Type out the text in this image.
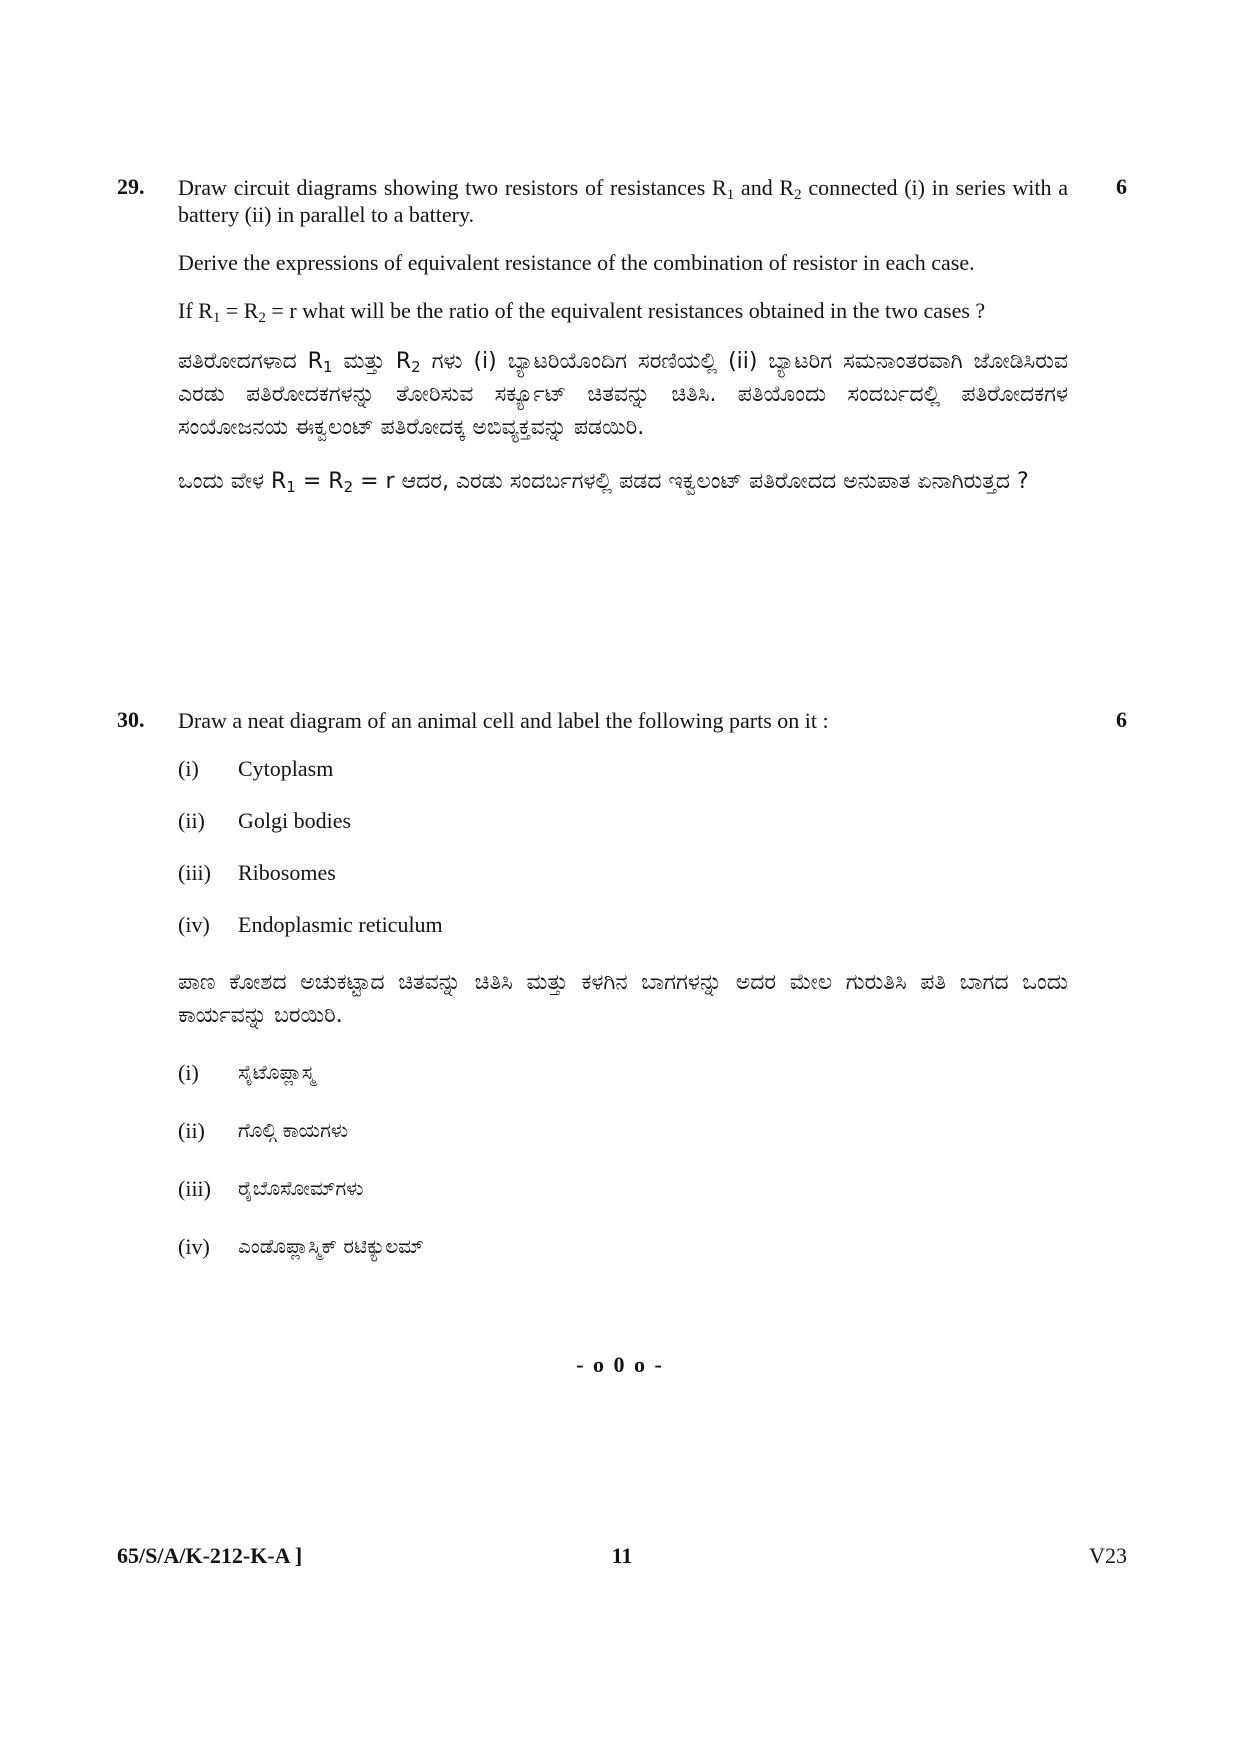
29.	6

Draw circuit diagrams showing two resistors of resistances $R_1$ and $R_2$ connected (i) in series with a battery (ii) in parallel to a battery.

Derive the expressions of equivalent resistance of the combination of resistor in each case.

If $R_1 = R_2 = r$ what will be the ratio of the equivalent resistances obtained in the two cases ?

ಪತಿರೋದಗಳಾದ $R_1$ ಮತ್ತು $R_2$ ಗಳು (i) ಬ್ಯಾಟರಿಯೊಂದಿಗ ಸರಣಿಯಲ್ಲಿ (ii) ಬ್ಯಾಟರಿಗ ಸಮನಾಂತರವಾಗಿ ಜೋಡಿಸಿರುವ ಎರಡು ಪತಿರೋದಕಗಳನ್ನು ತೋರಿಸುವ ಸರ್ಕ್ಯೂಟ್ ಚಿತವನ್ನು ಚಿತಿಸಿ. ಪತಿಯೊಂದು ಸಂದರ್ಬದಲ್ಲಿ ಪತಿರೋದಕಗಳ ಸಂಯೋಜನಯ ಈಕ್ವಲಂಟ್ ಪತಿರೋದಕ್ಕ ಅಬಿವ್ಯಕ್ತವನ್ನು ಪಡಯಿರಿ.

ಒಂದು ವೇಳ $R_1 = R_2 = r$ ಆದರ, ಎರಡು ಸಂದರ್ಬಗಳಲ್ಲಿ ಪಡದ ಇಕ್ವಲಂಟ್ ಪತಿರೋದದ ಅನುಪಾತ ಏನಾಗಿರುತ್ತದ ?

30.	6

Draw a neat diagram of an animal cell and label the following parts on it :

(i)	Cytoplasm
(ii)	Golgi bodies
(iii)	Ribosomes
(iv)	Endoplasmic reticulum

ಪಾಣ ಕೋಶದ ಅಚುಕಟ್ಟಾದ ಚಿತವನ್ನು ಚಿತಿಸಿ ಮತ್ತು ಕಳಗಿನ ಬಾಗಗಳನ್ನು ಅದರ ಮೇಲ ಗುರುತಿಸಿ ಪತಿ ಬಾಗದ ಒಂದು ಕಾರ್ಯವನ್ನು ಬರಯಿರಿ.

(i)	ಸೈಟೊಪ್ಲಾಸ್ಮ
(ii)	ಗೊಲ್ಗಿ ಕಾಯಗಳು
(iii)	ರೈಬೊಸೋಮ್‌ಗಳು
(iv)	ಎಂಡೊಪ್ಲಾಸ್ಮಿಕ್ ರಟಿಕ್ಯುಲಮ್
- o 0 o -
65/S/A/K-212-K-A ]	11	V23
